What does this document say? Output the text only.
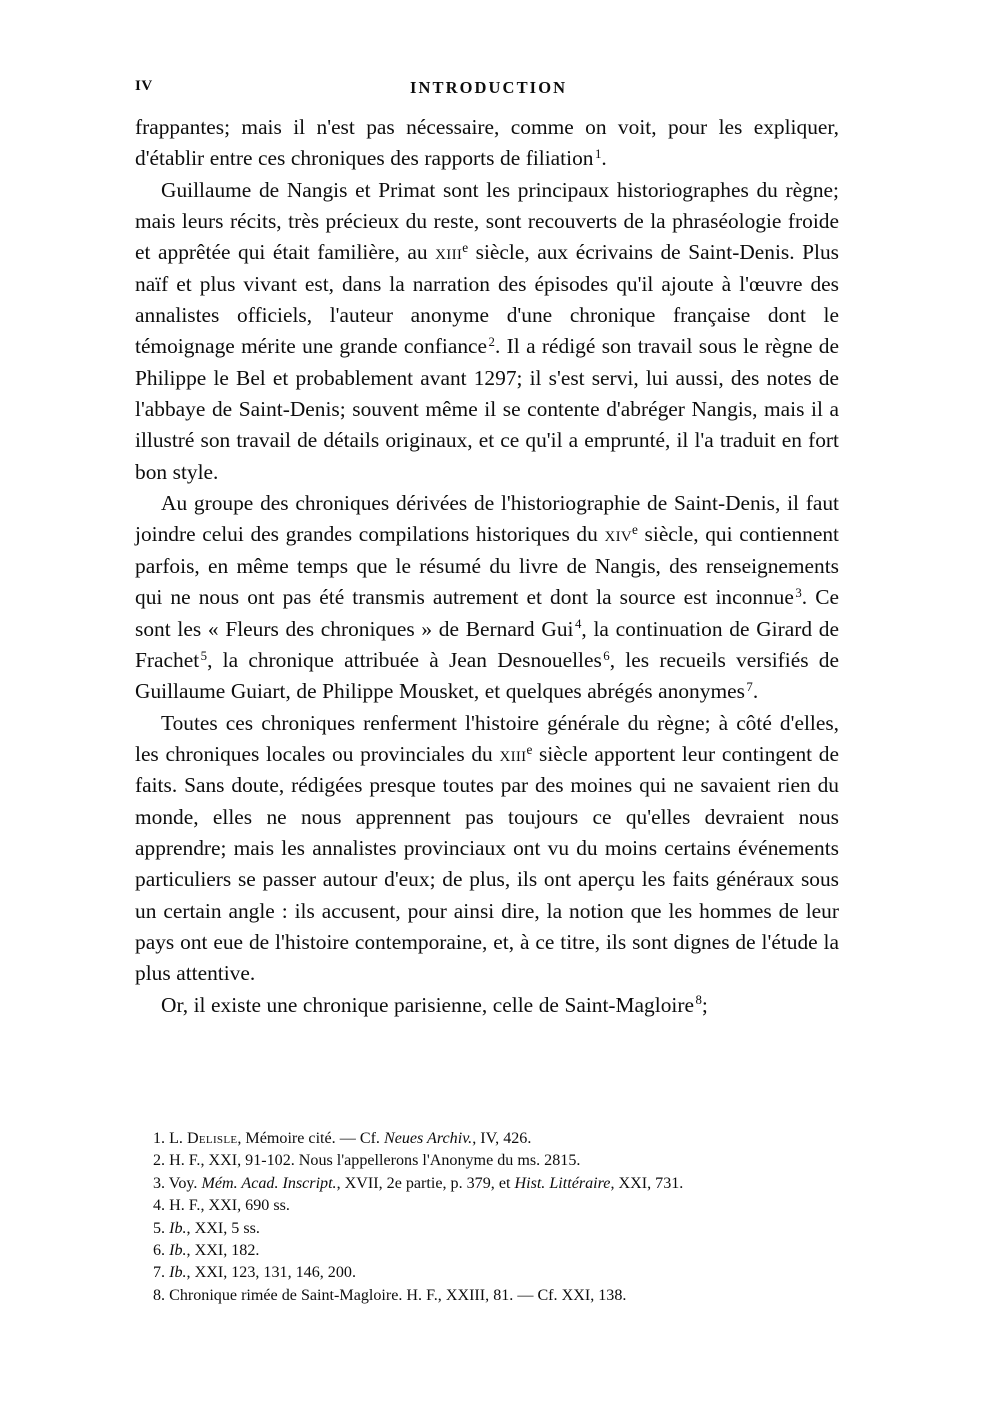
IV	INTRODUCTION

frappantes; mais il n'est pas nécessaire, comme on voit, pour les expliquer, d'établir entre ces chroniques des rapports de filiation $^1$.

Guillaume de Nangis et Primat sont les principaux historiographes du règne; mais leurs récits, très précieux du reste, sont recouverts de la phraséologie froide et apprêtée qui était familière, au xiii$^e$ siècle, aux écrivains de Saint-Denis. Plus naïf et plus vivant est, dans la narration des épisodes qu'il ajoute à l'œuvre des annalistes officiels, l'auteur anonyme d'une chronique française dont le témoignage mérite une grande confiance $^2$. Il a rédigé son travail sous le règne de Philippe le Bel et probablement avant 1297; il s'est servi, lui aussi, des notes de l'abbaye de Saint-Denis; souvent même il se contente d'abréger Nangis, mais il a illustré son travail de détails originaux, et ce qu'il a emprunté, il l'a traduit en fort bon style.

Au groupe des chroniques dérivées de l'historiographie de Saint-Denis, il faut joindre celui des grandes compilations historiques du xiv$^e$ siècle, qui contiennent parfois, en même temps que le résumé du livre de Nangis, des renseignements qui ne nous ont pas été transmis autrement et dont la source est inconnue $^3$. Ce sont les « Fleurs des chroniques » de Bernard Gui $^4$, la continuation de Girard de Frachet $^5$, la chronique attribuée à Jean Desnouelles $^6$, les recueils versifiés de Guillaume Guiart, de Philippe Mousket, et quelques abrégés anonymes $^7$.

Toutes ces chroniques renferment l'histoire générale du règne; à côté d'elles, les chroniques locales ou provinciales du xiii$^e$ siècle apportent leur contingent de faits. Sans doute, rédigées presque toutes par des moines qui ne savaient rien du monde, elles ne nous apprennent pas toujours ce qu'elles devraient nous apprendre; mais les annalistes provinciaux ont vu du moins certains événements particuliers se passer autour d'eux; de plus, ils ont aperçu les faits généraux sous un certain angle : ils accusent, pour ainsi dire, la notion que les hommes de leur pays ont eue de l'histoire contemporaine, et, à ce titre, ils sont dignes de l'étude la plus attentive.

Or, il existe une chronique parisienne, celle de Saint-Magloire $^8$;

1. L. Delisle, Mémoire cité. — Cf. Neues Archiv., IV, 426.

2. H. F., XXI, 91-102. Nous l'appellerons l'Anonyme du ms. 2815.

3. Voy. Mém. Acad. Inscript., XVII, 2e partie, p. 379, et Hist. Littéraire, XXI, 731.

4. H. F., XXI, 690 ss.

5. Ib., XXI, 5 ss.

6. Ib., XXI, 182.

7. Ib., XXI, 123, 131, 146, 200.

8. Chronique rimée de Saint-Magloire. H. F., XXIII, 81. — Cf. XXI, 138.
